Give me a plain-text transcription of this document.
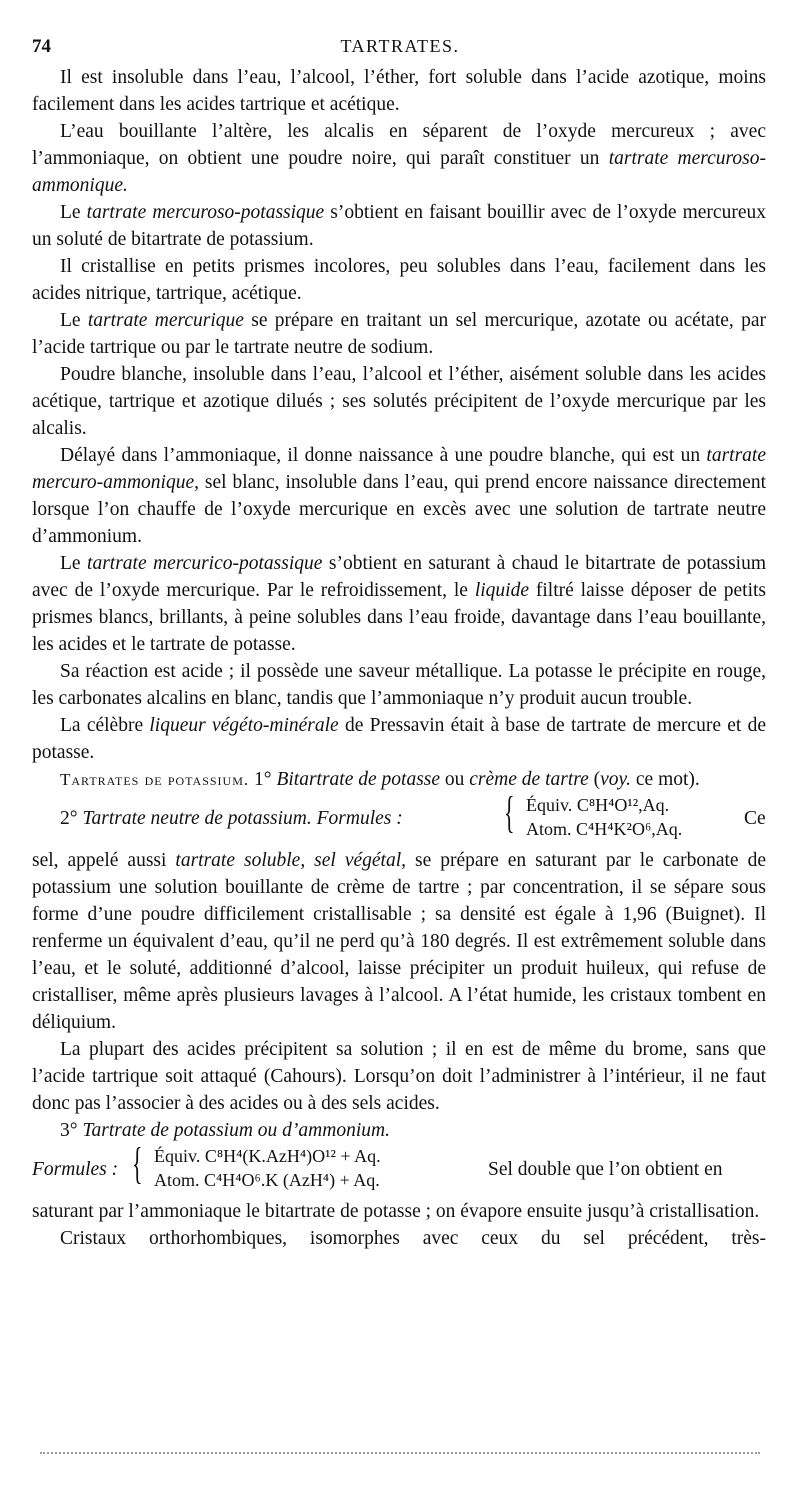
74	TARTRATES.

Il est insoluble dans l’eau, l’alcool, l’éther, fort soluble dans l’acide azotique, moins facilement dans les acides tartrique et acétique.

L’eau bouillante l’altère, les alcalis en séparent de l’oxyde mercureux ; avec l’ammoniaque, on obtient une poudre noire, qui paraît constituer un tartrate mercuroso-ammonique.

Le tartrate mercuroso-potassique s’obtient en faisant bouillir avec de l’oxyde mercureux un soluté de bitartrate de potassium.

Il cristallise en petits prismes incolores, peu solubles dans l’eau, facilement dans les acides nitrique, tartrique, acétique.

Le tartrate mercurique se prépare en traitant un sel mercurique, azotate ou acétate, par l’acide tartrique ou par le tartrate neutre de sodium.

Poudre blanche, insoluble dans l’eau, l’alcool et l’éther, aisément soluble dans les acides acétique, tartrique et azotique dilués ; ses solutés précipitent de l’oxyde mercurique par les alcalis.

Délayé dans l’ammoniaque, il donne naissance à une poudre blanche, qui est un tartrate mercuro-ammonique, sel blanc, insoluble dans l’eau, qui prend encore naissance directement lorsque l’on chauffe de l’oxyde mercurique en excès avec une solution de tartrate neutre d’ammonium.

Le tartrate mercurico-potassique s’obtient en saturant à chaud le bitartrate de potassium avec de l’oxyde mercurique. Par le refroidissement, le liquide filtré laisse déposer de petits prismes blancs, brillants, à peine solubles dans l’eau froide, davantage dans l’eau bouillante, les acides et le tartrate de potasse.

Sa réaction est acide ; il possède une saveur métallique. La potasse le précipite en rouge, les carbonates alcalins en blanc, tandis que l’ammoniaque n’y produit aucun trouble.

La célèbre liqueur végéto-minérale de Pressavin était à base de tartrate de mercure et de potasse.

Tartrates de potassium. 1° Bitartrate de potasse ou crème de tartre (voy. ce mot).

2° Tartrate neutre de potassium. Formules : { Équiv. C⁸H⁴O¹²,Aq.
Atom. C⁴H⁴K²O⁶,Aq.	Ce

sel, appelé aussi tartrate soluble, sel végétal, se prépare en saturant par le carbonate de potassium une solution bouillante de crème de tartre ; par concentration, il se sépare sous forme d’une poudre difficilement cristallisable ; sa densité est égale à 1,96 (Buignet). Il renferme un équivalent d’eau, qu’il ne perd qu’à 180 degrés. Il est extrêmement soluble dans l’eau, et le soluté, additionné d’alcool, laisse précipiter un produit huileux, qui refuse de cristalliser, même après plusieurs lavages à l’alcool. A l’état humide, les cristaux tombent en déliquium.

La plupart des acides précipitent sa solution ; il en est de même du brome, sans que l’acide tartrique soit attaqué (Cahours). Lorsqu’on doit l’administrer à l’intérieur, il ne faut donc pas l’associer à des acides ou à des sels acides.

3° Tartrate de potassium ou d’ammonium.

Formules : { Équiv. C⁸H⁴(K.AzH⁴)O¹² + Aq.
Atom. C⁴H⁴O⁶.K (AzH⁴) + Aq.	Sel double que l’on obtient en

saturant par l’ammoniaque le bitartrate de potasse ; on évapore ensuite jusqu’à cristallisation.

Cristaux orthorhombiques, isomorphes avec ceux du sel précédent, très-
